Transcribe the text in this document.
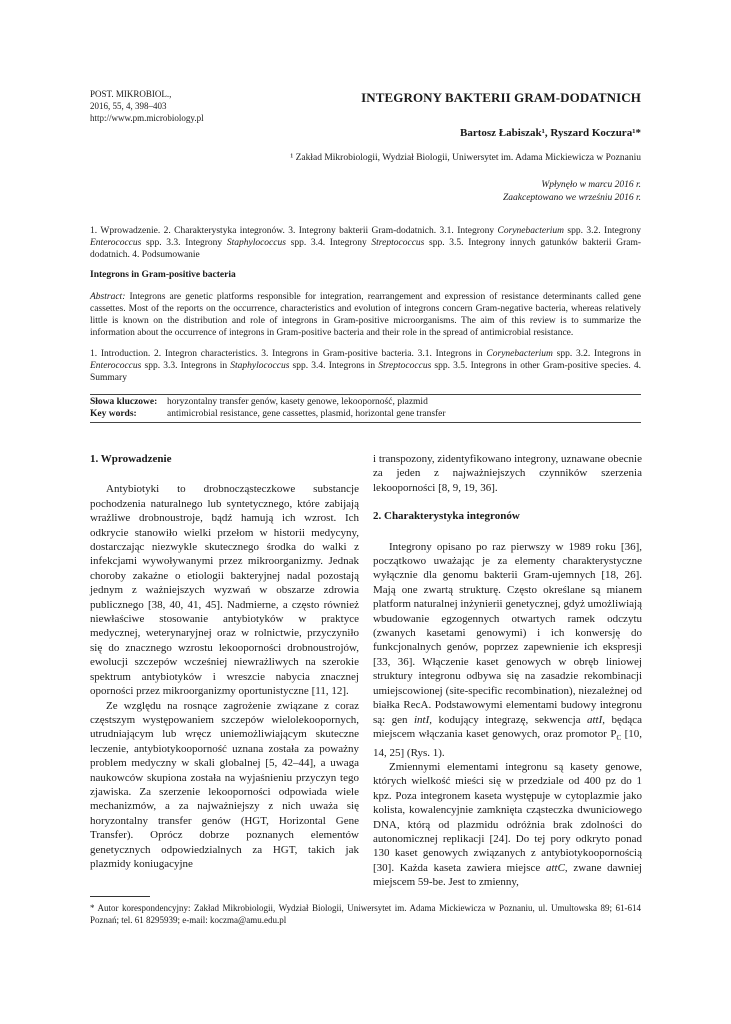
POST. MIKROBIOL.,
2016, 55, 4, 398–403
http://www.pm.microbiology.pl
INTEGRONY BAKTERII GRAM-DODATNICH
Bartosz Łabiszak¹, Ryszard Koczura¹*
¹ Zakład Mikrobiologii, Wydział Biologii, Uniwersytet im. Adama Mickiewicza w Poznaniu
Wpłynęło w marcu 2016 r.
Zaakceptowano we wrześniu 2016 r.
1. Wprowadzenie. 2. Charakterystyka integronów. 3. Integrony bakterii Gram-dodatnich. 3.1. Integrony Corynebacterium spp. 3.2. Integrony Enterococcus spp. 3.3. Integrony Staphylococcus spp. 3.4. Integrony Streptococcus spp. 3.5. Integrony innych gatunków bakterii Gram-dodatnich. 4. Podsumowanie
Integrons in Gram-positive bacteria
Abstract: Integrons are genetic platforms responsible for integration, rearrangement and expression of resistance determinants called gene cassettes. Most of the reports on the occurrence, characteristics and evolution of integrons concern Gram-negative bacteria, whereas relatively little is known on the distribution and role of integrons in Gram-positive microorganisms. The aim of this review is to summarize the information about the occurrence of integrons in Gram-positive bacteria and their role in the spread of antimicrobial resistance.
1. Introduction. 2. Integron characteristics. 3. Integrons in Gram-positive bacteria. 3.1. Integrons in Corynebacterium spp. 3.2. Integrons in Enterococcus spp. 3.3. Integrons in Staphylococcus spp. 3.4. Integrons in Streptococcus spp. 3.5. Integrons in other Gram-positive species. 4. Summary
Słowa kluczowe: horyzontalny transfer genów, kasety genowe, lekooporność, plazmid
Key words:	antimicrobial resistance, gene cassettes, plasmid, horizontal gene transfer
1. Wprowadzenie

Antybiotyki to drobnocząsteczkowe substancje pochodzenia naturalnego lub syntetycznego, które zabijają wrażliwe drobnoustroje, bądź hamują ich wzrost. Ich odkrycie stanowiło wielki przełom w historii medycyny, dostarczając niezwykle skutecznego środka do walki z infekcjami wywoływanymi przez mikroorganizmy. Jednak choroby zakaźne o etiologii bakteryjnej nadal pozostają jednym z ważniejszych wyzwań w obszarze zdrowia publicznego [38, 40, 41, 45]. Nadmierne, a często również niewłaściwe stosowanie antybiotyków w praktyce medycznej, weterynaryjnej oraz w rolnictwie, przyczyniło się do znacznego wzrostu lekooporności drobnoustrojów, ewolucji szczepów wcześniej niewrażliwych na szerokie spektrum antybiotyków i wreszcie nabycia znacznej oporności przez mikroorganizmy oportunistyczne [11, 12].

Ze względu na rosnące zagrożenie związane z coraz częstszym występowaniem szczepów wielolekoopornych, utrudniającym lub wręcz uniemożliwiającym skuteczne leczenie, antybiotykooporność uznana została za poważny problem medyczny w skali globalnej [5, 42–44], a uwaga naukowców skupiona została na wyjaśnieniu przyczyn tego zjawiska. Za szerzenie lekooporności odpowiada wiele mechanizmów, a za najważniejszy z nich uważa się horyzontalny transfer genów (HGT, Horizontal Gene Transfer). Oprócz dobrze poznanych elementów genetycznych odpowiedzialnych za HGT, takich jak plazmidy koniugacyjne

i transpozony, zidentyfikowano integrony, uznawane obecnie za jeden z najważniejszych czynników szerzenia lekooporności [8, 9, 19, 36].

2. Charakterystyka integronów

Integrony opisano po raz pierwszy w 1989 roku [36], początkowo uważając je za elementy charakterystyczne wyłącznie dla genomu bakterii Gram-ujemnych [18, 26]. Mają one zwartą strukturę. Często określane są mianem platform naturalnej inżynierii genetycznej, gdyż umożliwiają wbudowanie egzogennych otwartych ramek odczytu (zwanych kasetami genowymi) i ich konwersję do funkcjonalnych genów, poprzez zapewnienie ich ekspresji [33, 36]. Włączenie kaset genowych w obręb liniowej struktury integronu odbywa się na zasadzie rekombinacji umiejscowionej (site-specific recombination), niezależnej od białka RecA. Podstawowymi elementami budowy integronu są: gen intI, kodujący integrazę, sekwencja attI, będąca miejscem włączania kaset genowych, oraz promotor $P_C$ [10, 14, 25] (Rys. 1).

Zmiennymi elementami integronu są kasety genowe, których wielkość mieści się w przedziale od 400 pz do 1 kpz. Poza integronem kaseta występuje w cytoplazmie jako kolista, kowalencyjnie zamknięta cząsteczka dwuniciowego DNA, którą od plazmidu odróżnia brak zdolności do autonomicznej replikacji [24]. Do tej pory odkryto ponad 130 kaset genowych związanych z antybiotykoopornością [30]. Każda kaseta zawiera miejsce attC, zwane dawniej miejscem 59-be. Jest to zmienny,

* Autor korespondencyjny: Zakład Mikrobiologii, Wydział Biologii, Uniwersytet im. Adama Mickiewicza w Poznaniu, ul. Umultowska 89; 61-614 Poznań; tel. 61 8295939; e-mail: koczma@amu.edu.pl
